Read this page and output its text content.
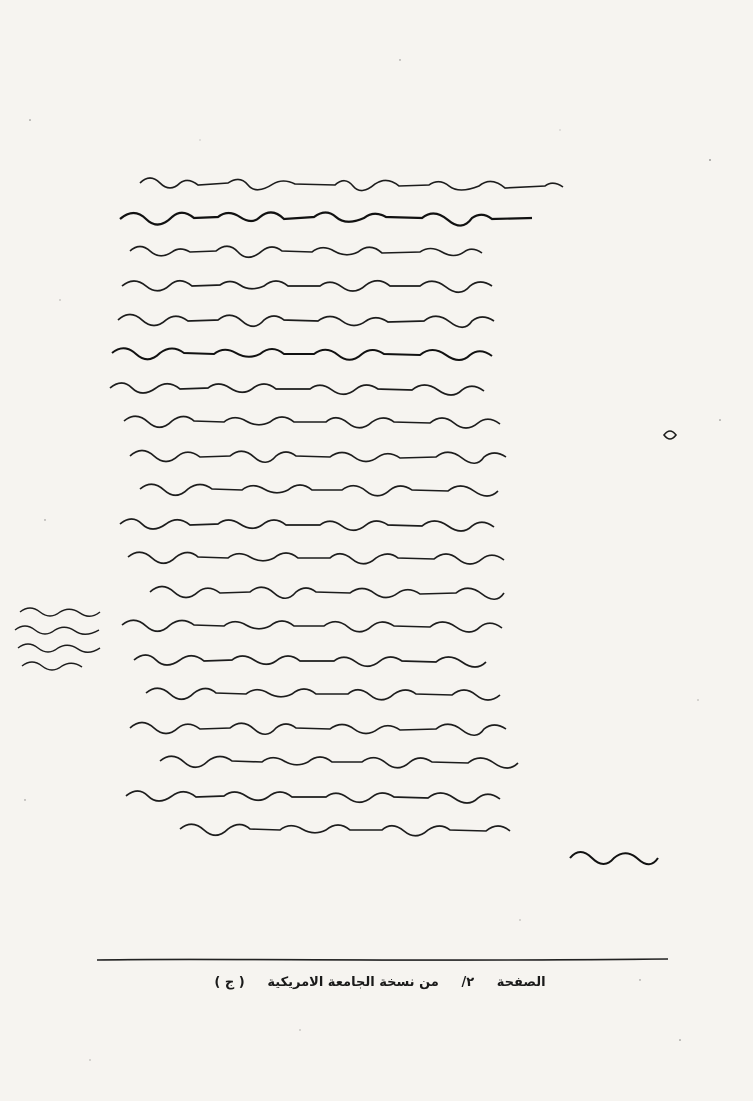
الصفحة     ٢/     من نسخة الجامعة الامريكية     ( ج )
